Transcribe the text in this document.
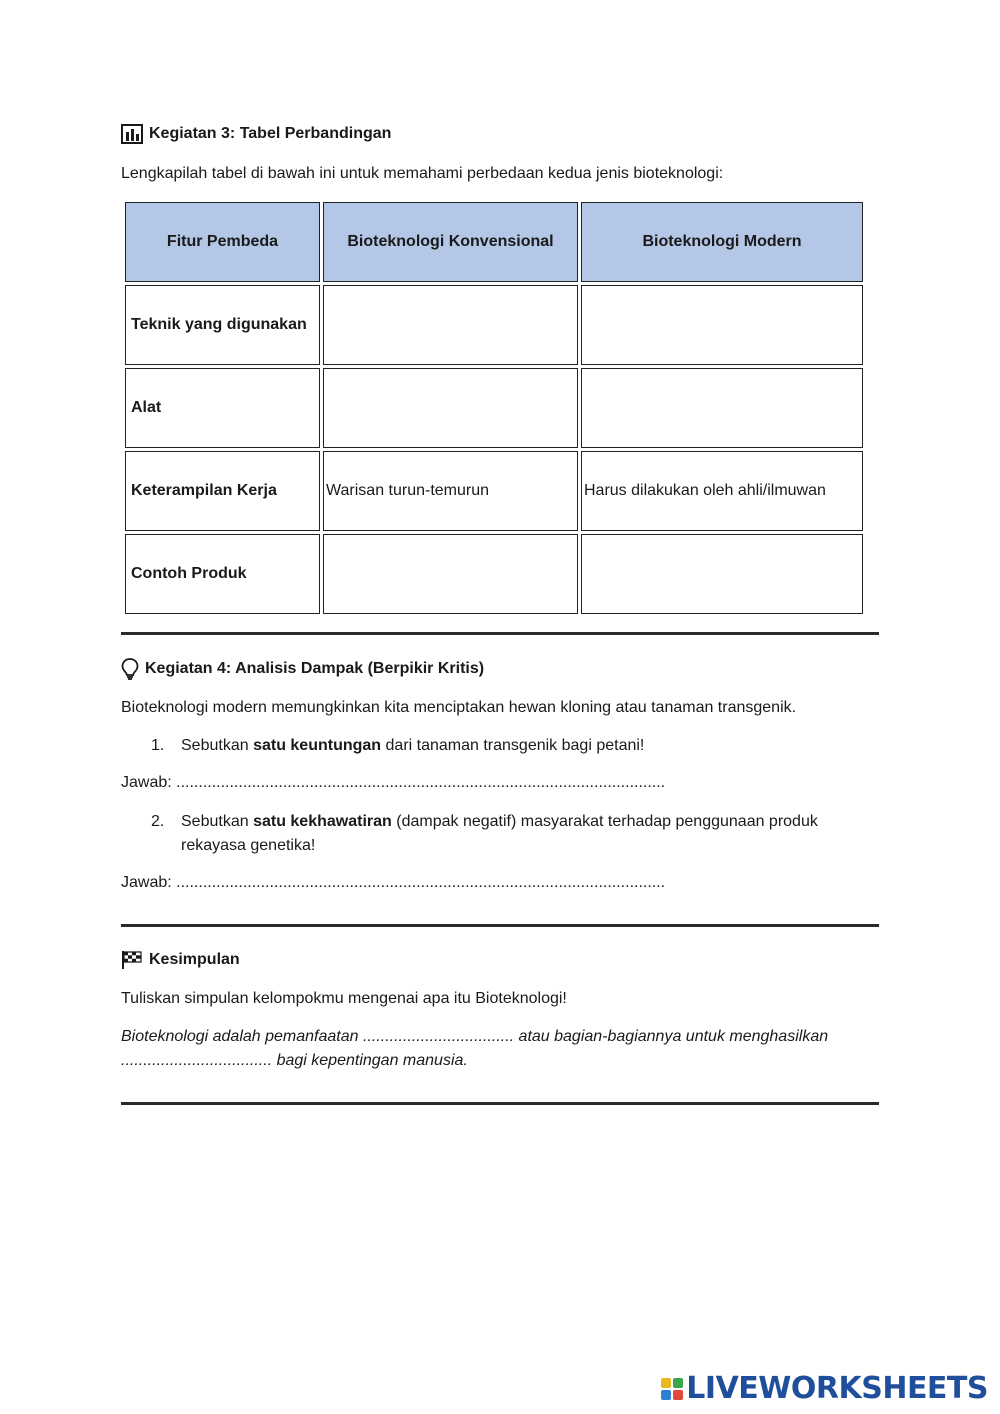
Kegiatan 3: Tabel Perbandingan
Lengkapilah tabel di bawah ini untuk memahami perbedaan kedua jenis bioteknologi:
Fitur Pembeda	Bioteknologi Konvensional	Bioteknologi Modern
Teknik yang digunakan		
Alat		
Keterampilan Kerja	Warisan turun-temurun	Harus dilakukan oleh ahli/ilmuwan
Contoh Produk		
Kegiatan 4: Analisis Dampak (Berpikir Kritis)
Bioteknologi modern memungkinkan kita menciptakan hewan kloning atau tanaman transgenik.
1. Sebutkan satu keuntungan dari tanaman transgenik bagi petani!
Jawab: ..............................................................................................................
2. Sebutkan satu kekhawatiran (dampak negatif) masyarakat terhadap penggunaan produk rekayasa genetika!
Jawab: ..............................................................................................................
Kesimpulan
Tuliskan simpulan kelompokmu mengenai apa itu Bioteknologi!
Bioteknologi adalah pemanfaatan .................................. atau bagian-bagiannya untuk menghasilkan
.................................. bagi kepentingan manusia.
LIVEWORKSHEETS
